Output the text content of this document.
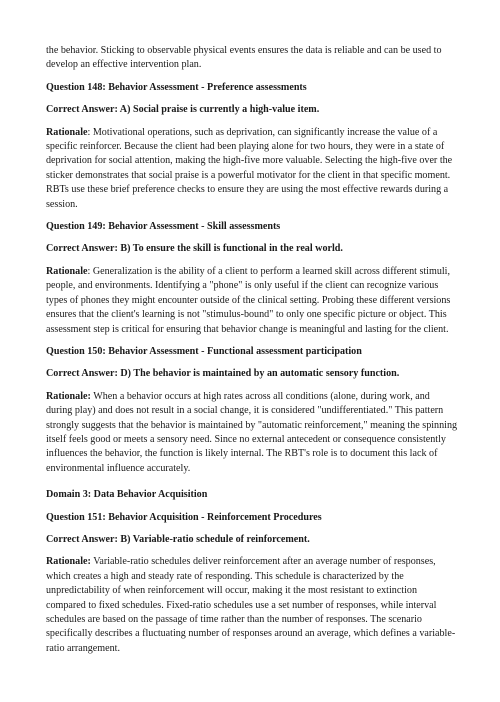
the behavior. Sticking to observable physical events ensures the data is reliable and can be used to develop an effective intervention plan.

Question 148: Behavior Assessment - Preference assessments

Correct Answer: A) Social praise is currently a high-value item.

Rationale: Motivational operations, such as deprivation, can significantly increase the value of a specific reinforcer. Because the client had been playing alone for two hours, they were in a state of deprivation for social attention, making the high-five more valuable. Selecting the high-five over the sticker demonstrates that social praise is a powerful motivator for the client in that specific moment. RBTs use these brief preference checks to ensure they are using the most effective rewards during a session.

Question 149: Behavior Assessment - Skill assessments

Correct Answer: B) To ensure the skill is functional in the real world.

Rationale: Generalization is the ability of a client to perform a learned skill across different stimuli, people, and environments. Identifying a "phone" is only useful if the client can recognize various types of phones they might encounter outside of the clinical setting. Probing these different versions ensures that the client's learning is not "stimulus-bound" to only one specific picture or object. This assessment step is critical for ensuring that behavior change is meaningful and lasting for the client.

Question 150: Behavior Assessment - Functional assessment participation

Correct Answer: D) The behavior is maintained by an automatic sensory function.

Rationale: When a behavior occurs at high rates across all conditions (alone, during work, and during play) and does not result in a social change, it is considered "undifferentiated." This pattern strongly suggests that the behavior is maintained by "automatic reinforcement," meaning the spinning itself feels good or meets a sensory need. Since no external antecedent or consequence consistently influences the behavior, the function is likely internal. The RBT's role is to document this lack of environmental influence accurately.

Domain 3: Data Behavior Acquisition

Question 151: Behavior Acquisition - Reinforcement Procedures

Correct Answer: B) Variable-ratio schedule of reinforcement.

Rationale: Variable-ratio schedules deliver reinforcement after an average number of responses, which creates a high and steady rate of responding. This schedule is characterized by the unpredictability of when reinforcement will occur, making it the most resistant to extinction compared to fixed schedules. Fixed-ratio schedules use a set number of responses, while interval schedules are based on the passage of time rather than the number of responses. The scenario specifically describes a fluctuating number of responses around an average, which defines a variable-ratio arrangement.
